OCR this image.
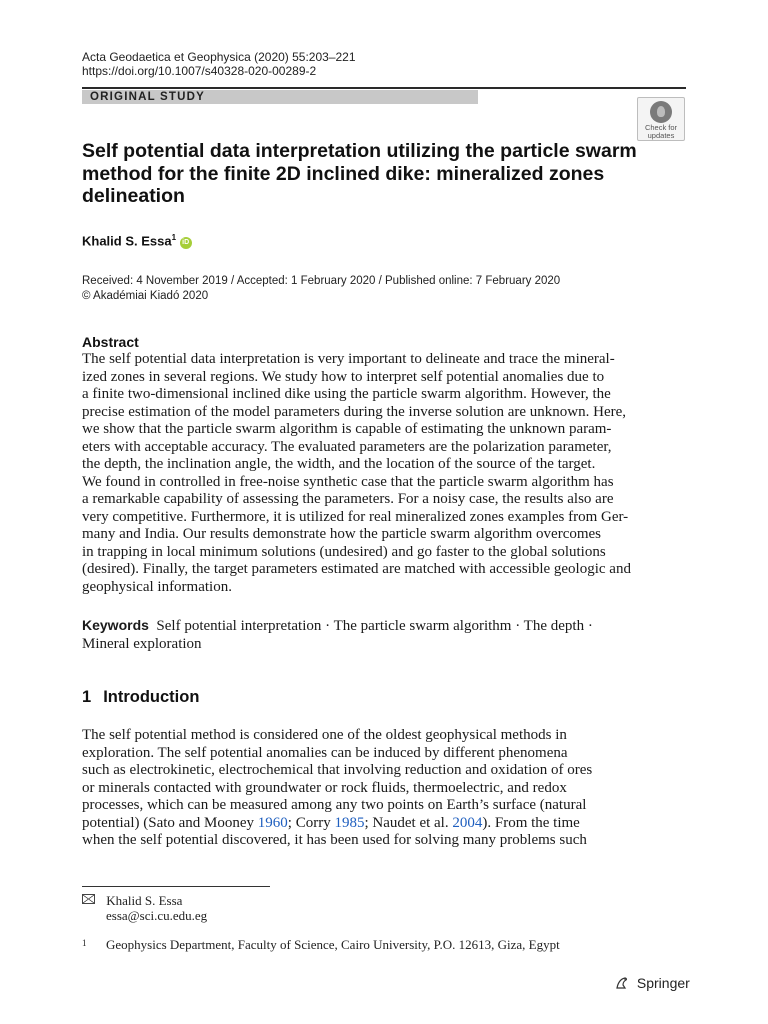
Acta Geodaetica et Geophysica (2020) 55:203–221
https://doi.org/10.1007/s40328-020-00289-2
ORIGINAL STUDY
Check for
updates
Self potential data interpretation utilizing the particle swarm
method for the finite 2D inclined dike: mineralized zones
delineation
Khalid S. Essa$^1$ iD
Received: 4 November 2019 / Accepted: 1 February 2020 / Published online: 7 February 2020
© Akadémiai Kiadó 2020
Abstract
The self potential data interpretation is very important to delineate and trace the mineral-
ized zones in several regions. We study how to interpret self potential anomalies due to
a finite two-dimensional inclined dike using the particle swarm algorithm. However, the
precise estimation of the model parameters during the inverse solution are unknown. Here,
we show that the particle swarm algorithm is capable of estimating the unknown param-
eters with acceptable accuracy. The evaluated parameters are the polarization parameter,
the depth, the inclination angle, the width, and the location of the source of the target.
We found in controlled in free-noise synthetic case that the particle swarm algorithm has
a remarkable capability of assessing the parameters. For a noisy case, the results also are
very competitive. Furthermore, it is utilized for real mineralized zones examples from Ger-
many and India. Our results demonstrate how the particle swarm algorithm overcomes
in trapping in local minimum solutions (undesired) and go faster to the global solutions
(desired). Finally, the target parameters estimated are matched with accessible geologic and
geophysical information.
Keywords Self potential interpretation · The particle swarm algorithm · The depth ·
Mineral exploration
1 Introduction
The self potential method is considered one of the oldest geophysical methods in
exploration. The self potential anomalies can be induced by different phenomena
such as electrokinetic, electrochemical that involving reduction and oxidation of ores
or minerals contacted with groundwater or rock fluids, thermoelectric, and redox
processes, which can be measured among any two points on Earth’s surface (natural
potential) (Sato and Mooney 1960; Corry 1985; Naudet et al. 2004). From the time
when the self potential discovered, it has been used for solving many problems such
Khalid S. Essa
essa@sci.cu.edu.eg
1 Geophysics Department, Faculty of Science, Cairo University, P.O. 12613, Giza, Egypt
Springer
